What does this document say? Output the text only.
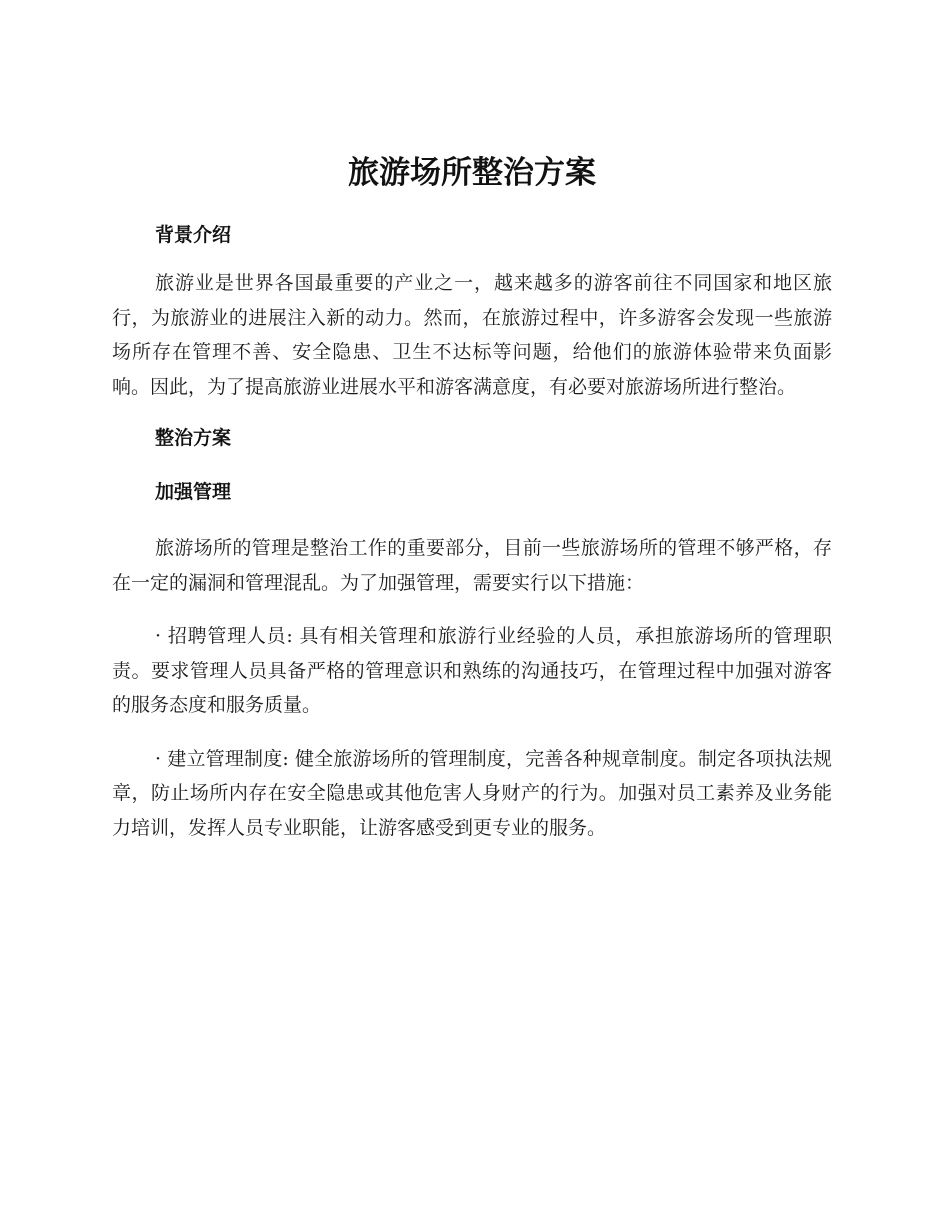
旅游场所整治方案
背景介绍

旅游业是世界各国最重要的产业之一，越来越多的游客前往不同国家和地区旅行，为旅游业的进展注入新的动力。然而，在旅游过程中，许多游客会发现一些旅游场所存在管理不善、安全隐患、卫生不达标等问题，给他们的旅游体验带来负面影响。因此，为了提高旅游业进展水平和游客满意度，有必要对旅游场所进行整治。

整治方案
加强管理

旅游场所的管理是整治工作的重要部分，目前一些旅游场所的管理不够严格，存在一定的漏洞和管理混乱。为了加强管理，需要实行以下措施：

· 招聘管理人员: 具有相关管理和旅游行业经验的人员，承担旅游场所的管理职责。要求管理人员具备严格的管理意识和熟练的沟通技巧，在管理过程中加强对游客的服务态度和服务质量。

· 建立管理制度: 健全旅游场所的管理制度，完善各种规章制度。制定各项执法规章，防止场所内存在安全隐患或其他危害人身财产的行为。加强对员工素养及业务能力培训，发挥人员专业职能，让游客感受到更专业的服务。
